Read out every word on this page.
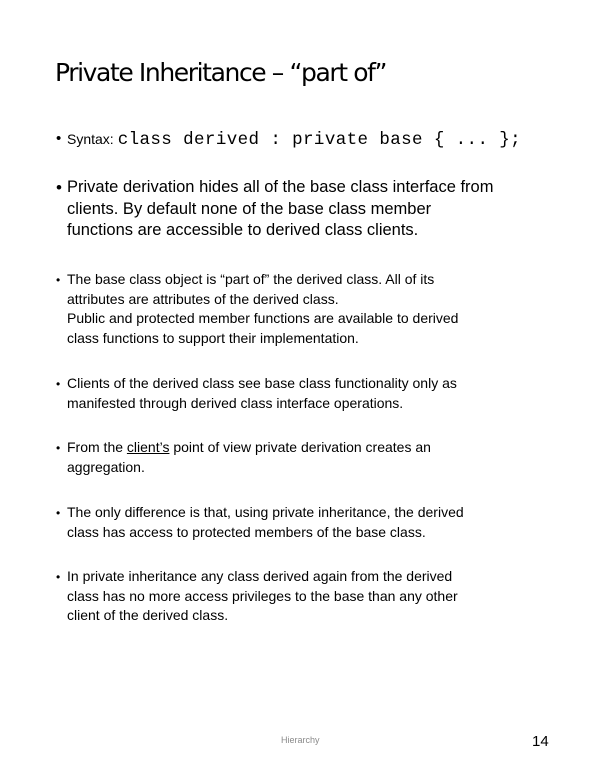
Private Inheritance – “part of”
• Syntax: class derived : private base { ... };
• Private derivation hides all of the base class interface from
clients. By default none of the base class member
functions are accessible to derived class clients.
• The base class object is “part of” the derived class. All of its
attributes are attributes of the derived class.
Public and protected member functions are available to derived
class functions to support their implementation.
• Clients of the derived class see base class functionality only as
manifested through derived class interface operations.
• From the client’s point of view private derivation creates an
aggregation.
• The only difference is that, using private inheritance, the derived
class has access to protected members of the base class.
• In private inheritance any class derived again from the derived
class has no more access privileges to the base than any other
client of the derived class.
Hierarchy	14
